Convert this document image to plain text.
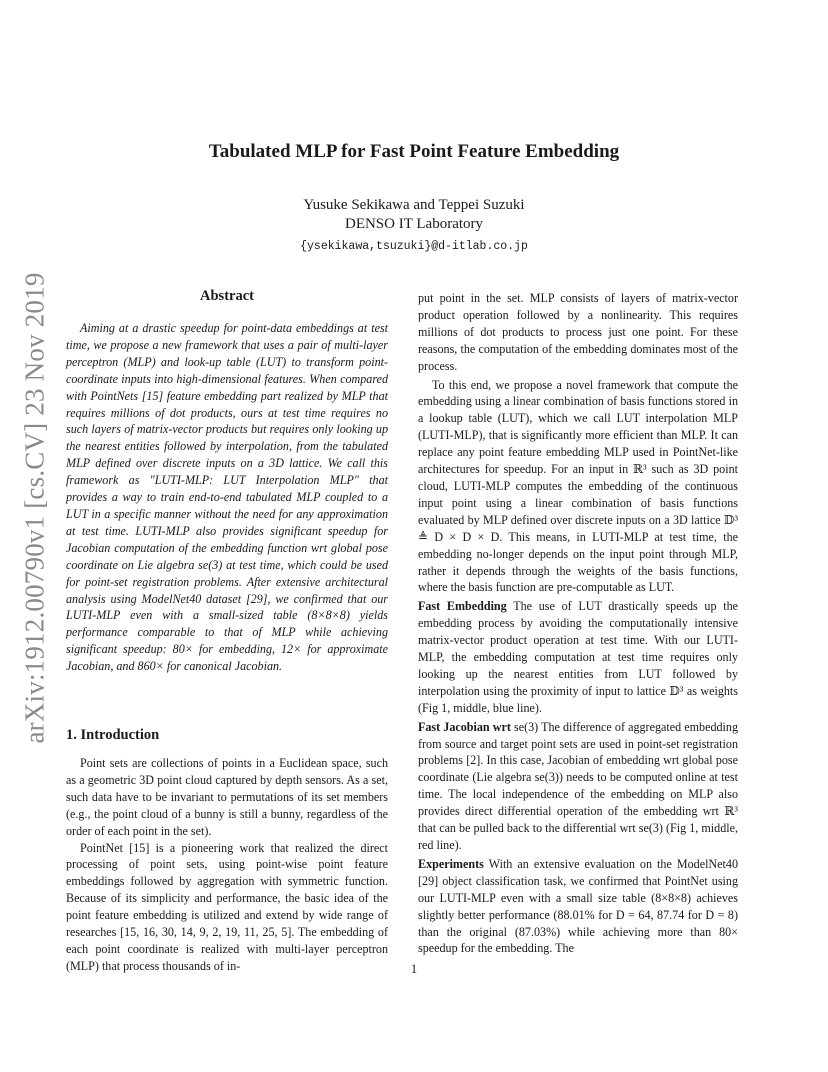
arXiv:1912.00790v1 [cs.CV] 23 Nov 2019
Tabulated MLP for Fast Point Feature Embedding
Yusuke Sekikawa and Teppei Suzuki
DENSO IT Laboratory
{ysekikawa,tsuzuki}@d-itlab.co.jp
Abstract

Aiming at a drastic speedup for point-data embeddings at test time, we propose a new framework that uses a pair of multi-layer perceptron (MLP) and look-up table (LUT) to transform point-coordinate inputs into high-dimensional features. When compared with PointNets [15] feature embedding part realized by MLP that requires millions of dot products, ours at test time requires no such layers of matrix-vector products but requires only looking up the nearest entities followed by interpolation, from the tabulated MLP defined over discrete inputs on a 3D lattice. We call this framework as "LUTI-MLP: LUT Interpolation MLP" that provides a way to train end-to-end tabulated MLP coupled to a LUT in a specific manner without the need for any approximation at test time. LUTI-MLP also provides significant speedup for Jacobian computation of the embedding function wrt global pose coordinate on Lie algebra se(3) at test time, which could be used for point-set registration problems. After extensive architectural analysis using ModelNet40 dataset [29], we confirmed that our LUTI-MLP even with a small-sized table (8×8×8) yields performance comparable to that of MLP while achieving significant speedup: 80× for embedding, 12× for approximate Jacobian, and 860× for canonical Jacobian.

1. Introduction

Point sets are collections of points in a Euclidean space, such as a geometric 3D point cloud captured by depth sensors. As a set, such data have to be invariant to permutations of its set members (e.g., the point cloud of a bunny is still a bunny, regardless of the order of each point in the set).

PointNet [15] is a pioneering work that realized the direct processing of point sets, using point-wise point feature embeddings followed by aggregation with symmetric function. Because of its simplicity and performance, the basic idea of the point feature embedding is utilized and extend by wide range of researches [15, 16, 30, 14, 9, 2, 19, 11, 25, 5]. The embedding of each point coordinate is realized with multi-layer perceptron (MLP) that process thousands of in-

put point in the set. MLP consists of layers of matrix-vector product operation followed by a nonlinearity. This requires millions of dot products to process just one point. For these reasons, the computation of the embedding dominates most of the process.

To this end, we propose a novel framework that compute the embedding using a linear combination of basis functions stored in a lookup table (LUT), which we call LUT interpolation MLP (LUTI-MLP), that is significantly more efficient than MLP. It can replace any point feature embedding MLP used in PointNet-like architectures for speedup. For an input in ℝ³ such as 3D point cloud, LUTI-MLP computes the embedding of the continuous input point using a linear combination of basis functions evaluated by MLP defined over discrete inputs on a 3D lattice 𝔻³ ≜ D × D × D. This means, in LUTI-MLP at test time, the embedding no-longer depends on the input point through MLP, rather it depends through the weights of the basis functions, where the basis function are pre-computable as LUT.

Fast Embedding The use of LUT drastically speeds up the embedding process by avoiding the computationally intensive matrix-vector product operation at test time. With our LUTI-MLP, the embedding computation at test time requires only looking up the nearest entities from LUT followed by interpolation using the proximity of input to lattice 𝔻³ as weights (Fig 1, middle, blue line).

Fast Jacobian wrt se(3) The difference of aggregated embedding from source and target point sets are used in point-set registration problems [2]. In this case, Jacobian of embedding wrt global pose coordinate (Lie algebra se(3)) needs to be computed online at test time. The local independence of the embedding on MLP also provides direct differential operation of the embedding wrt ℝ³ that can be pulled back to the differential wrt se(3) (Fig 1, middle, red line).

Experiments With an extensive evaluation on the ModelNet40 [29] object classification task, we confirmed that PointNet using our LUTI-MLP even with a small size table (8×8×8) achieves slightly better performance (88.01% for D = 64, 87.74 for D = 8) than the original (87.03%) while achieving more than 80× speedup for the embedding. The

1
